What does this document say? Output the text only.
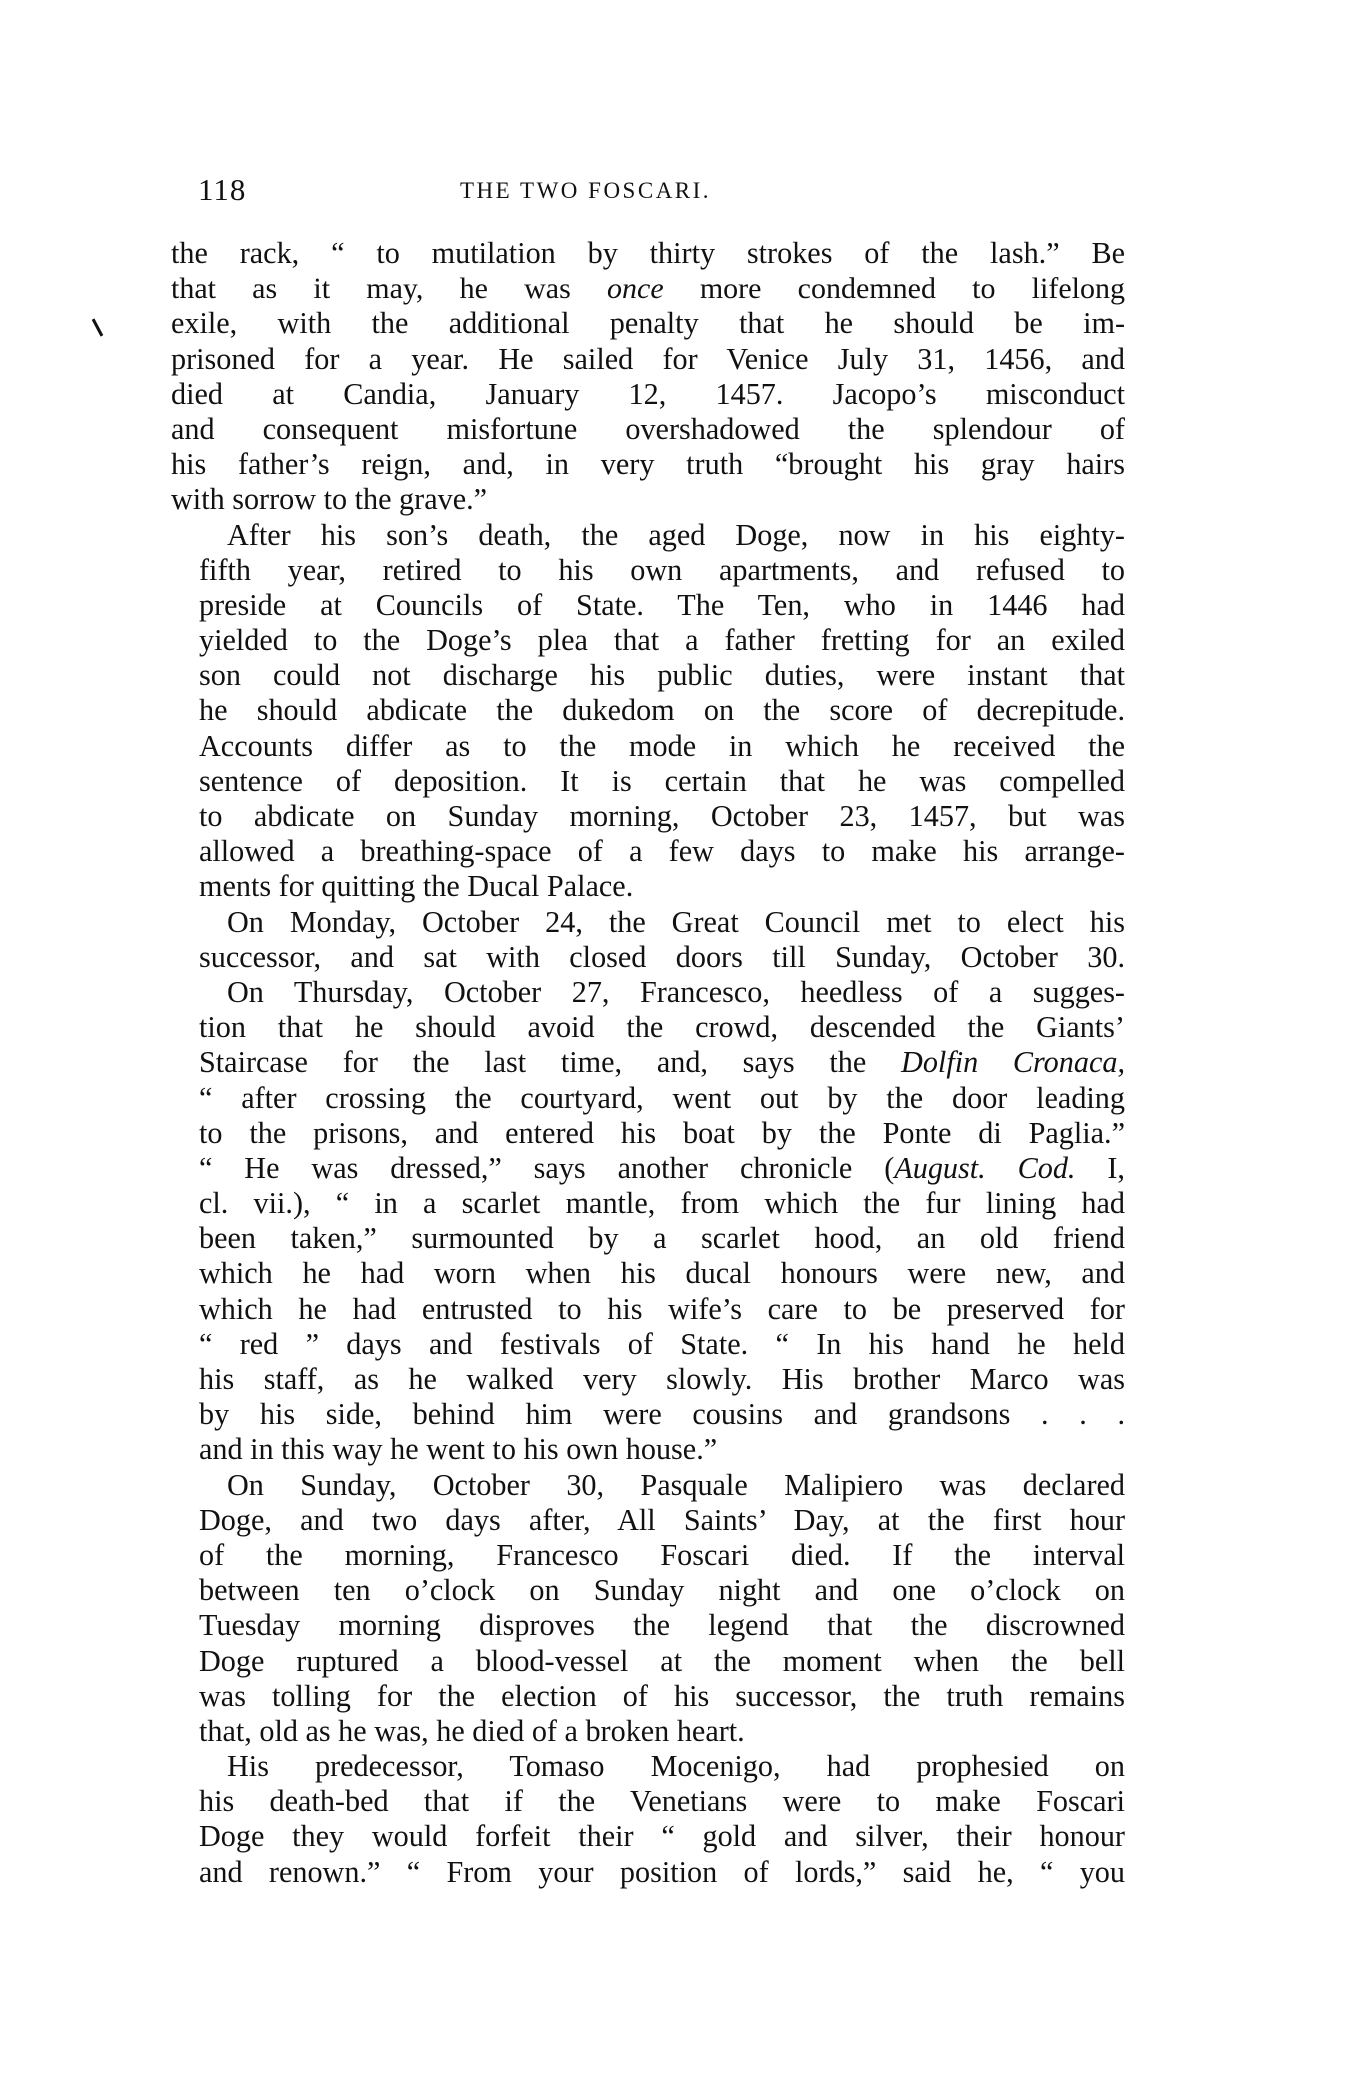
118	THE TWO FOSCARI.

the rack, “ to mutilation by thirty strokes of the lash.” Be
that as it may, he was once more condemned to lifelong
exile, with the additional penalty that he should be im-
prisoned for a year. He sailed for Venice July 31, 1456, and
died at Candia, January 12, 1457. Jacopo’s misconduct
and consequent misfortune overshadowed the splendour of
his father’s reign, and, in very truth “brought his gray hairs
with sorrow to the grave.”

After his son’s death, the aged Doge, now in his eighty-
fifth year, retired to his own apartments, and refused to
preside at Councils of State. The Ten, who in 1446 had
yielded to the Doge’s plea that a father fretting for an exiled
son could not discharge his public duties, were instant that
he should abdicate the dukedom on the score of decrepitude.
Accounts differ as to the mode in which he received the
sentence of deposition. It is certain that he was compelled
to abdicate on Sunday morning, October 23, 1457, but was
allowed a breathing-space of a few days to make his arrange-
ments for quitting the Ducal Palace.

On Monday, October 24, the Great Council met to elect his
successor, and sat with closed doors till Sunday, October 30.

On Thursday, October 27, Francesco, heedless of a sugges-
tion that he should avoid the crowd, descended the Giants’
Staircase for the last time, and, says the Dolfin Cronaca,
“ after crossing the courtyard, went out by the door leading
to the prisons, and entered his boat by the Ponte di Paglia.”
“ He was dressed,” says another chronicle (August. Cod. I,
cl. vii.), “ in a scarlet mantle, from which the fur lining had
been taken,” surmounted by a scarlet hood, an old friend
which he had worn when his ducal honours were new, and
which he had entrusted to his wife’s care to be preserved for
“ red ” days and festivals of State. “ In his hand he held
his staff, as he walked very slowly. His brother Marco was
by his side, behind him were cousins and grandsons . . .
and in this way he went to his own house.”

On Sunday, October 30, Pasquale Malipiero was declared
Doge, and two days after, All Saints’ Day, at the first hour
of the morning, Francesco Foscari died. If the interval
between ten o’clock on Sunday night and one o’clock on
Tuesday morning disproves the legend that the discrowned
Doge ruptured a blood-vessel at the moment when the bell
was tolling for the election of his successor, the truth remains
that, old as he was, he died of a broken heart.

His predecessor, Tomaso Mocenigo, had prophesied on
his death-bed that if the Venetians were to make Foscari
Doge they would forfeit their “ gold and silver, their honour
and renown.” “ From your position of lords,” said he, “ you
